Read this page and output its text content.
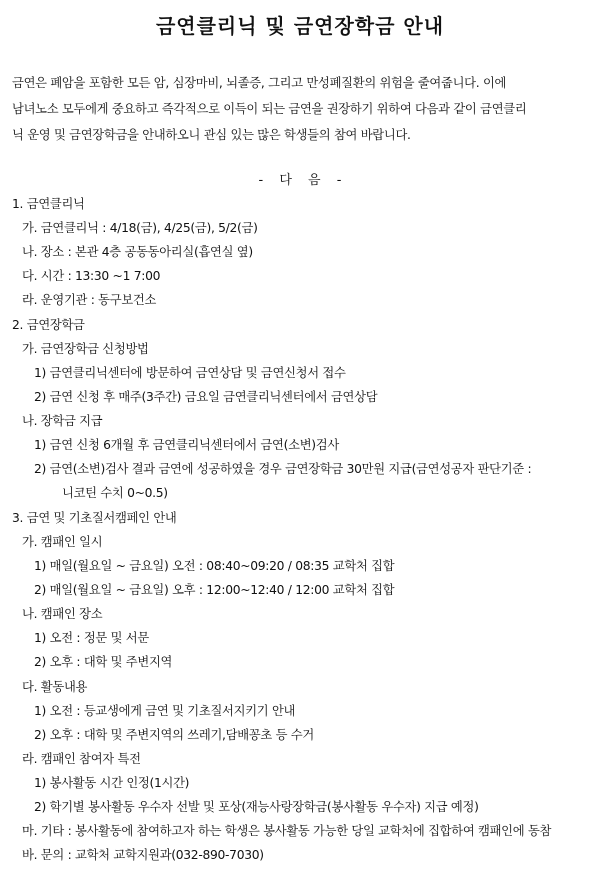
금연클리닉 및 금연장학금 안내
금연은 폐암을 포함한 모든 암, 심장마비, 뇌졸증, 그리고 만성폐질환의 위험을 줄여줍니다. 이에
남녀노소 모두에게 중요하고 즉각적으로 이득이 되는 금연을 권장하기 위하여 다음과 같이 금연클리
닉 운영 및 금연장학금을 안내하오니 관심 있는 많은 학생들의 참여 바랍니다.
- 다 음 -
1. 금연클리닉
가. 금연클리닉 : 4/18(금), 4/25(금), 5/2(금)
나. 장소 : 본관 4층 공동동아리실(흡연실 옆)
다. 시간 : 13:30 ~1 7:00
라. 운영기관 : 동구보건소
2. 금연장학금
가. 금연장학금 신청방법
1) 금연클리닉센터에 방문하여 금연상담 및 금연신청서 접수
2) 금연 신청 후 매주(3주간) 금요일 금연클리닉센터에서 금연상담
나. 장학금 지급
1) 금연 신청 6개월 후 금연클리닉센터에서 금연(소변)검사
2) 금연(소변)검사 결과 금연에 성공하였을 경우 금연장학금 30만원 지급(금연성공자 판단기준 :
니코틴 수치 0~0.5)
3. 금연 및 기초질서캠페인 안내
가. 캠패인 일시
1) 매일(월요일 ~ 금요일) 오전 : 08:40~09:20 / 08:35 교학처 집합
2) 매일(월요일 ~ 금요일) 오후 : 12:00~12:40 / 12:00 교학처 집합
나. 캠패인 장소
1) 오전 : 정문 및 서문
2) 오후 : 대학 및 주변지역
다. 활동내용
1) 오전 : 등교생에게 금연 및 기초질서지키기 안내
2) 오후 : 대학 및 주변지역의 쓰레기,담배꽁초 등 수거
라. 캠패인 참여자 특전
1) 봉사활동 시간 인정(1시간)
2) 학기별 봉사활동 우수자 선발 및 포상(재능사랑장학금(봉사활동 우수자) 지급 예정)
마. 기타 : 봉사활동에 참여하고자 하는 학생은 봉사활동 가능한 당일 교학처에 집합하여 캠패인에 동참
바. 문의 : 교학처 교학지원과(032-890-7030)
